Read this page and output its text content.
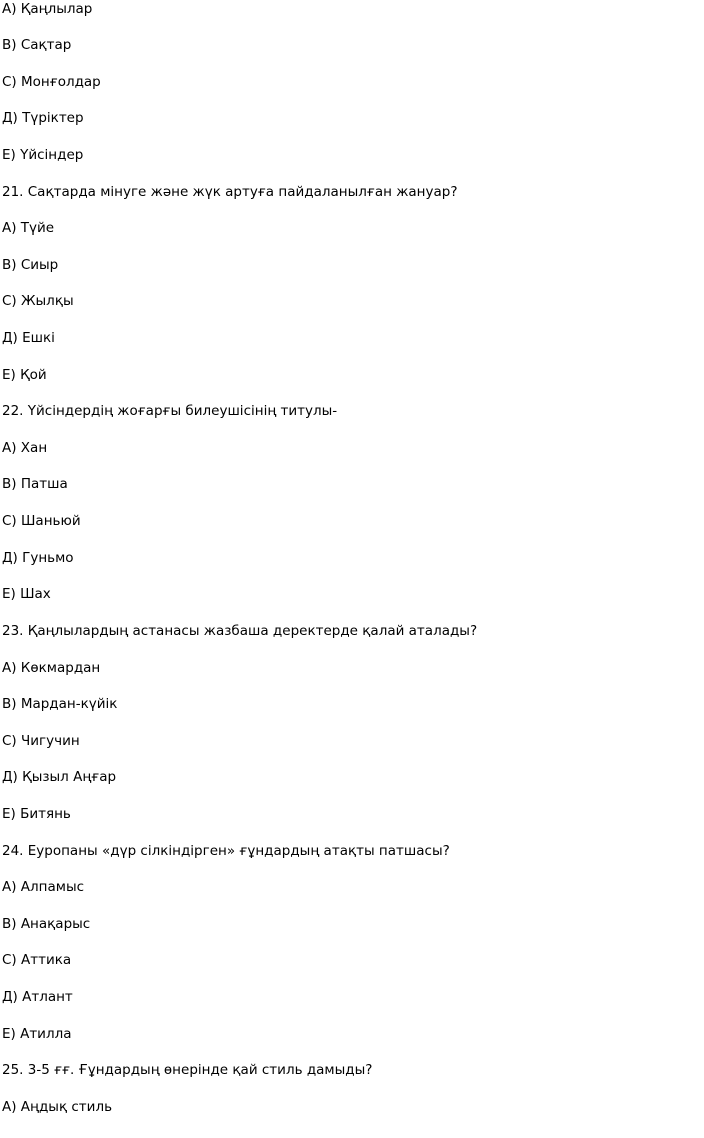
А) Қаңлылар
В) Сақтар
С) Монғолдар
Д) Түріктер
Е) Үйсіндер
21. Сақтарда мінуге және жүк артуға пайдаланылған жануар?
А) Түйе
В) Сиыр
С) Жылқы
Д) Ешкі
Е) Қой
22. Үйсіндердің жоғарғы билеушісінің титулы-
А) Хан
В) Патша
С) Шаньюй
Д) Гуньмо
Е) Шах
23. Қаңлылардың астанасы жазбаша деректерде қалай аталады?
А) Көкмардан
В) Мардан-күйік
С) Чигучин
Д) Қызыл Аңғар
Е) Битянь
24. Еуропаны «дүр сілкіндірген» ғұндардың атақты патшасы?
А) Алпамыс
В) Анақарыс
С) Аттика
Д) Атлант
Е) Атилла
25. 3-5 ғғ. Ғұндардың өнерінде қай стиль дамыды?
А) Аңдық стиль
